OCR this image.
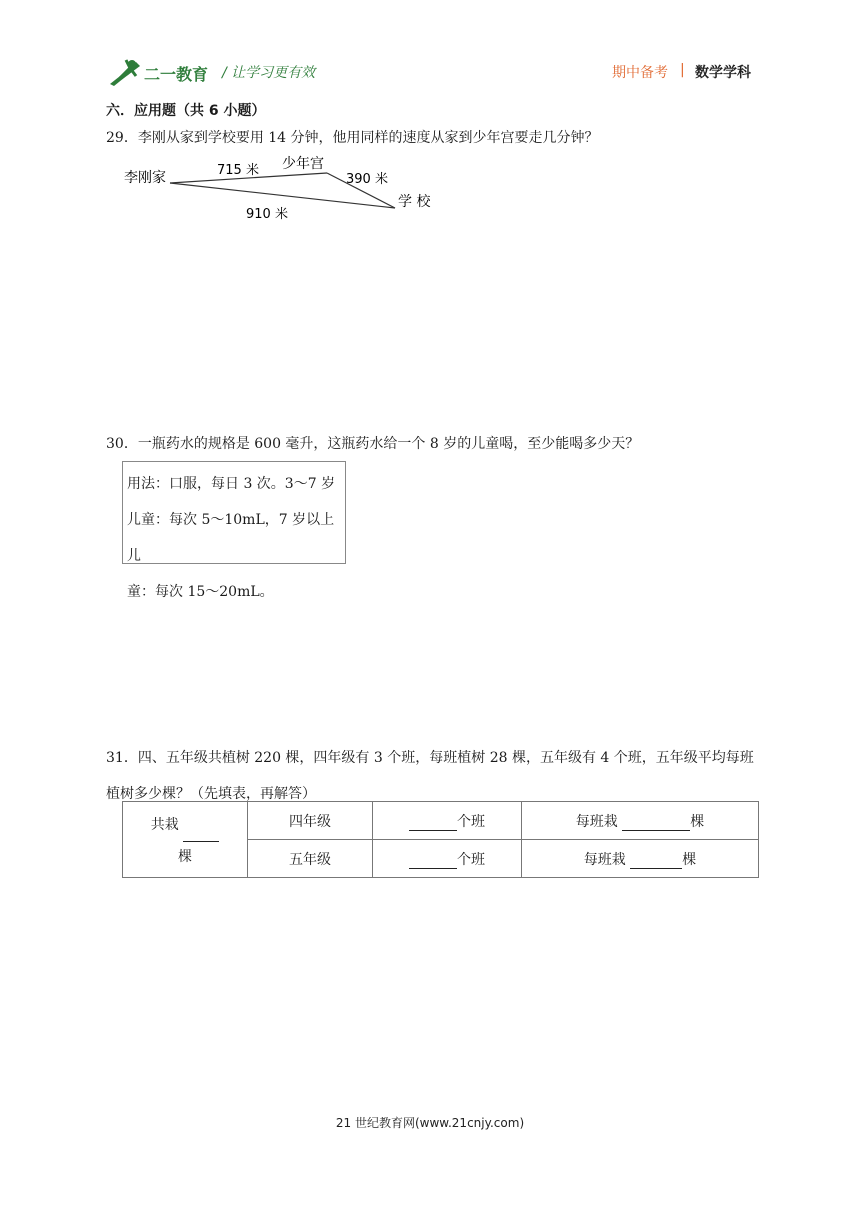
二一教育 / 让学习更有效	期中备考 | 数学学科
六．应用题（共 6 小题）
29．李刚从家到学校要用 14 分钟，他用同样的速度从家到少年宫要走几分钟？
李刚家
少年宫
学 校
715 米
390 米
910 米
30．一瓶药水的规格是 600 毫升，这瓶药水给一个 8 岁的儿童喝，至少能喝多少天？
用法：口服，每日 3 次。3～7 岁
儿童：每次 5～10mL，7 岁以上儿
童：每次 15～20mL。
31．四、五年级共植树 220 棵，四年级有 3 个班，每班植树 28 棵，五年级有 4 个班，五年级平均每班植树多少棵？（先填表，再解答）
共栽
棵	四年级	个班	每班栽 棵
	五年级	个班	每班栽 棵
21 世纪教育网(www.21cnjy.com)
